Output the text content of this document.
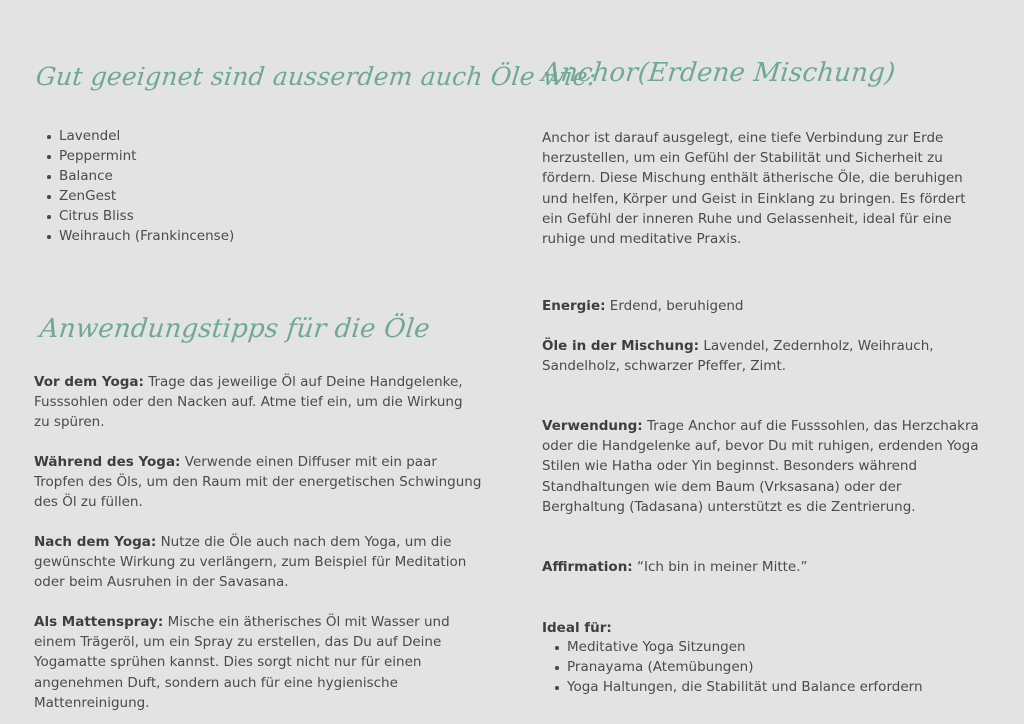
Gut geeignet sind ausserdem auch Öle wie:
Lavendel
Peppermint
Balance
ZenGest
Citrus Bliss
Weihrauch (Frankincense)
Anwendungstipps für die Öle

Vor dem Yoga: Trage das jeweilige Öl auf Deine Handgelenke, Fusssohlen oder den Nacken auf. Atme tief ein, um die Wirkung zu spüren.

Während des Yoga: Verwende einen Diffuser mit ein paar Tropfen des Öls, um den Raum mit der energetischen Schwingung des Öl zu füllen.

Nach dem Yoga: Nutze die Öle auch nach dem Yoga, um die gewünschte Wirkung zu verlängern, zum Beispiel für Meditation oder beim Ausruhen in der Savasana.

Als Mattenspray: Mische ein ätherisches Öl mit Wasser und einem Trägeröl, um ein Spray zu erstellen, das Du auf Deine Yogamatte sprühen kannst. Dies sorgt nicht nur für einen angenehmen Duft, sondern auch für eine hygienische Mattenreinigung.

Anchor(Erdene Mischung)

Anchor ist darauf ausgelegt, eine tiefe Verbindung zur Erde herzustellen, um ein Gefühl der Stabilität und Sicherheit zu fördern. Diese Mischung enthält ätherische Öle, die beruhigen und helfen, Körper und Geist in Einklang zu bringen. Es fördert ein Gefühl der inneren Ruhe und Gelassenheit, ideal für eine ruhige und meditative Praxis.

Energie: Erdend, beruhigend

Öle in der Mischung: Lavendel, Zedernholz, Weihrauch, Sandelholz, schwarzer Pfeffer, Zimt.

Verwendung: Trage Anchor auf die Fusssohlen, das Herzchakra oder die Handgelenke auf, bevor Du mit ruhigen, erdenden Yoga Stilen wie Hatha oder Yin beginnst. Besonders während Standhaltungen wie dem Baum (Vrksasana) oder der Berghaltung (Tadasana) unterstützt es die Zentrierung.

Affirmation: “Ich bin in meiner Mitte.”

Ideal für:

Meditative Yoga Sitzungen
Pranayama (Atemübungen)
Yoga Haltungen, die Stabilität und Balance erfordern
